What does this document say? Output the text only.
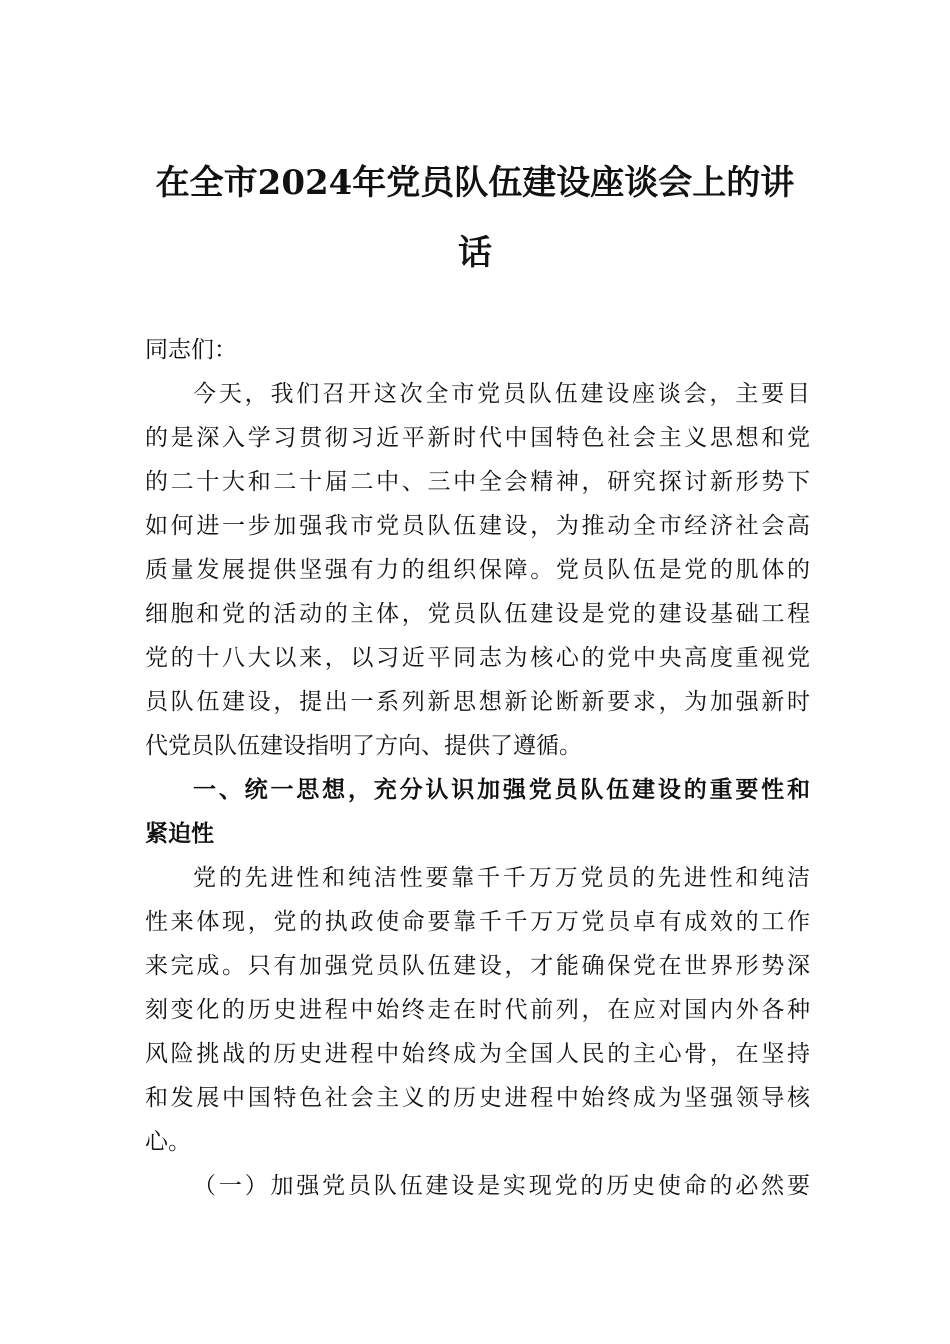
在全市2024年党员队伍建设座谈会上的讲
话
同志们：
今天，我们召开这次全市党员队伍建设座谈会，主要目
的是深入学习贯彻习近平新时代中国特色社会主义思想和党
的二十大和二十届二中、三中全会精神，研究探讨新形势下
如何进一步加强我市党员队伍建设，为推动全市经济社会高
质量发展提供坚强有力的组织保障。党员队伍是党的肌体的
细胞和党的活动的主体，党员队伍建设是党的建设基础工程
党的十八大以来，以习近平同志为核心的党中央高度重视党
员队伍建设，提出一系列新思想新论断新要求，为加强新时
代党员队伍建设指明了方向、提供了遵循。
一、统一思想，充分认识加强党员队伍建设的重要性和
紧迫性
党的先进性和纯洁性要靠千千万万党员的先进性和纯洁
性来体现，党的执政使命要靠千千万万党员卓有成效的工作
来完成。只有加强党员队伍建设，才能确保党在世界形势深
刻变化的历史进程中始终走在时代前列，在应对国内外各种
风险挑战的历史进程中始终成为全国人民的主心骨，在坚持
和发展中国特色社会主义的历史进程中始终成为坚强领导核
心。
（一）加强党员队伍建设是实现党的历史使命的必然要
